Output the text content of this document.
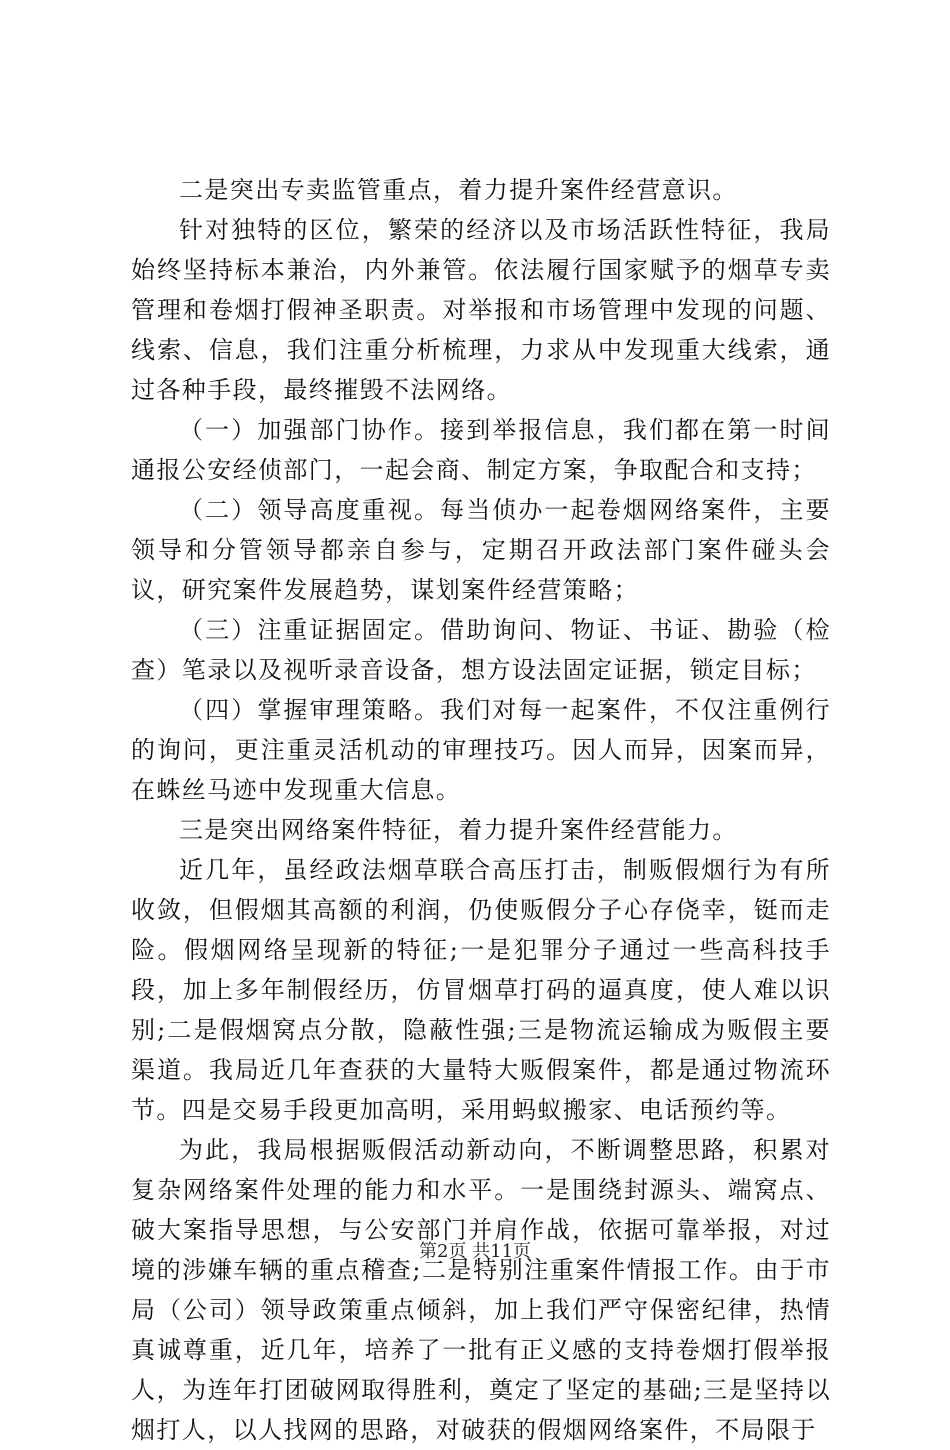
二是突出专卖监管重点，着力提升案件经营意识。

针对独特的区位，繁荣的经济以及市场活跃性特征，我局始终坚持标本兼治，内外兼管。依法履行国家赋予的烟草专卖管理和卷烟打假神圣职责。对举报和市场管理中发现的问题、线索、信息，我们注重分析梳理，力求从中发现重大线索，通过各种手段，最终摧毁不法网络。

（一）加强部门协作。接到举报信息，我们都在第一时间通报公安经侦部门，一起会商、制定方案，争取配合和支持；

（二）领导高度重视。每当侦办一起卷烟网络案件，主要领导和分管领导都亲自参与，定期召开政法部门案件碰头会议，研究案件发展趋势，谋划案件经营策略；

（三）注重证据固定。借助询问、物证、书证、勘验（检查）笔录以及视听录音设备，想方设法固定证据，锁定目标；

（四）掌握审理策略。我们对每一起案件，不仅注重例行的询问，更注重灵活机动的审理技巧。因人而异，因案而异，在蛛丝马迹中发现重大信息。

三是突出网络案件特征，着力提升案件经营能力。

近几年，虽经政法烟草联合高压打击，制贩假烟行为有所收敛，但假烟其高额的利润，仍使贩假分子心存侥幸，铤而走险。假烟网络呈现新的特征;一是犯罪分子通过一些高科技手段，加上多年制假经历，仿冒烟草打码的逼真度，使人难以识别;二是假烟窝点分散，隐蔽性强;三是物流运输成为贩假主要渠道。我局近几年查获的大量特大贩假案件，都是通过物流环节。四是交易手段更加高明，采用蚂蚁搬家、电话预约等。

为此，我局根据贩假活动新动向，不断调整思路，积累对复杂网络案件处理的能力和水平。一是围绕封源头、端窝点、破大案指导思想，与公安部门并肩作战，依据可靠举报，对过境的涉嫌车辆的重点稽查;二是特别注重案件情报工作。由于市局（公司）领导政策重点倾斜，加上我们严守保密纪律，热情真诚尊重，近几年，培养了一批有正义感的支持卷烟打假举报人，为连年打团破网取得胜利，奠定了坚定的基础;三是坚持以烟打人，以人找网的思路，对破获的假烟网络案件，不局限于

第2页 共11页
